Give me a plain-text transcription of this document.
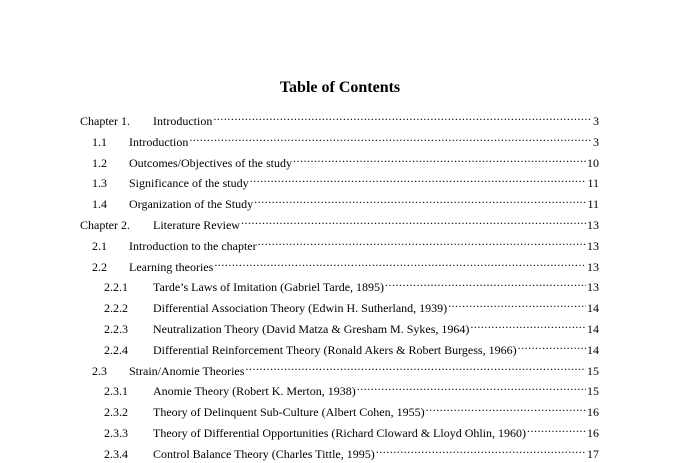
Table of Contents
Chapter 1.	Introduction .....	3
1.1	Introduction .....	3
1.2	Outcomes/Objectives of the study .....	10
1.3	Significance of the study .....	11
1.4	Organization of the Study .....	11
Chapter 2.	Literature Review .....	13
2.1	Introduction to the chapter .....	13
2.2	Learning theories .....	13
2.2.1	Tarde’s Laws of Imitation (Gabriel Tarde, 1895) .....	13
2.2.2	Differential Association Theory (Edwin H. Sutherland, 1939) .....	14
2.2.3	Neutralization Theory (David Matza & Gresham M. Sykes, 1964) .....	14
2.2.4	Differential Reinforcement Theory (Ronald Akers & Robert Burgess, 1966) .....	14
2.3	Strain/Anomie Theories .....	15
2.3.1	Anomie Theory (Robert K. Merton, 1938) .....	15
2.3.2	Theory of Delinquent Sub-Culture (Albert Cohen, 1955) .....	16
2.3.3	Theory of Differential Opportunities (Richard Cloward & Lloyd Ohlin, 1960) .....	16
2.3.4	Control Balance Theory (Charles Tittle, 1995) .....	17
